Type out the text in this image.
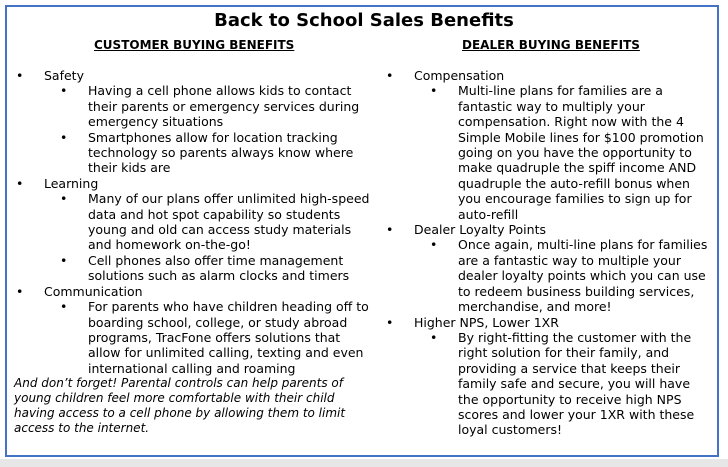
Back to School Sales Benefits
CUSTOMER BUYING BENEFITS	DEALER BUYING BENEFITS
• Safety
• Having a cell phone allows kids to contact their parents or emergency services during emergency situations
• Smartphones allow for location tracking technology so parents always know where their kids are
• Learning
• Many of our plans offer unlimited high-speed data and hot spot capability so students young and old can access study materials and homework on-the-go!
• Cell phones also offer time management solutions such as alarm clocks and timers
• Communication
• For parents who have children heading off to boarding school, college, or study abroad programs, TracFone offers solutions that allow for unlimited calling, texting and even international calling and roaming
And don’t forget! Parental controls can help parents of young children feel more comfortable with their child having access to a cell phone by allowing them to limit access to the internet.
• Compensation
• Multi-line plans for families are a fantastic way to multiply your compensation. Right now with the 4 Simple Mobile lines for $100 promotion going on you have the opportunity to make quadruple the spiff income AND quadruple the auto-refill bonus when you encourage families to sign up for auto-refill
• Dealer Loyalty Points
• Once again, multi-line plans for families are a fantastic way to multiple your dealer loyalty points which you can use to redeem business building services, merchandise, and more!
• Higher NPS, Lower 1XR
• By right-fitting the customer with the right solution for their family, and providing a service that keeps their family safe and secure, you will have the opportunity to receive high NPS scores and lower your 1XR with these loyal customers!
